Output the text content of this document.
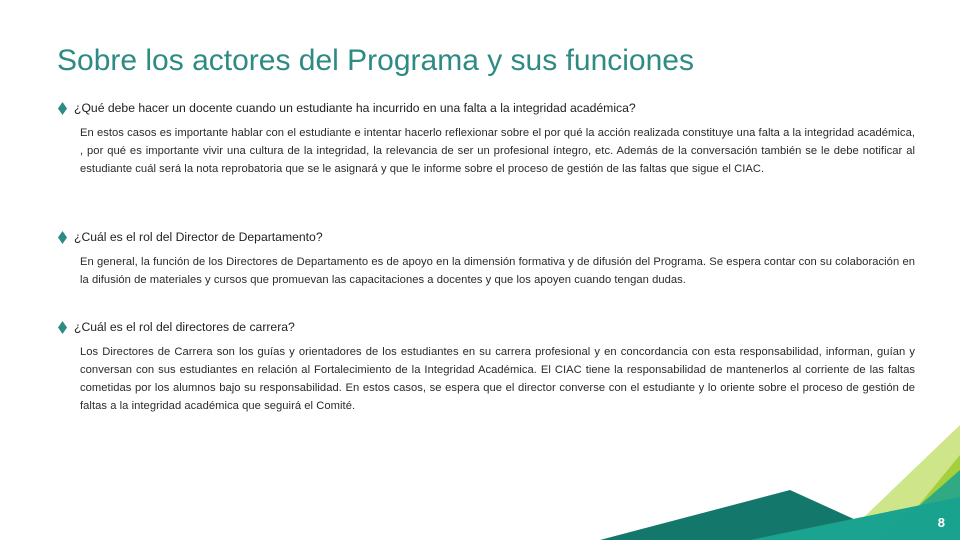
Sobre los actores del Programa y sus funciones
¿Qué debe hacer un docente cuando un estudiante ha incurrido en una falta a la integridad académica?
En estos casos es importante hablar con el estudiante e intentar hacerlo reflexionar sobre el por qué la acción realizada constituye una falta a la integridad académica, , por qué es importante vivir una cultura de la integridad, la relevancia de ser un profesional íntegro, etc. Además de la conversación también se le debe notificar al estudiante cuál será la nota reprobatoria que se le asignará y que le informe sobre el proceso de gestión de las faltas que sigue el CIAC.
¿Cuál es el rol del Director de Departamento?
En general, la función de los Directores de Departamento es de apoyo en la dimensión formativa y de difusión del Programa. Se espera contar con su colaboración en la difusión de materiales y cursos que promuevan las capacitaciones a docentes y que los apoyen cuando tengan dudas.
¿Cuál es el rol del directores de carrera?
Los Directores de Carrera son los guías y orientadores de los estudiantes en su carrera profesional y en concordancia con esta responsabilidad, informan, guían y conversan con sus estudiantes en relación al Fortalecimiento de la Integridad Académica. El CIAC tiene la responsabilidad de mantenerlos al corriente de las faltas cometidas por los alumnos bajo su responsabilidad. En estos casos, se espera que el director converse con el estudiante y lo oriente sobre el proceso de gestión de faltas a la integridad académica que seguirá el Comité.
8
